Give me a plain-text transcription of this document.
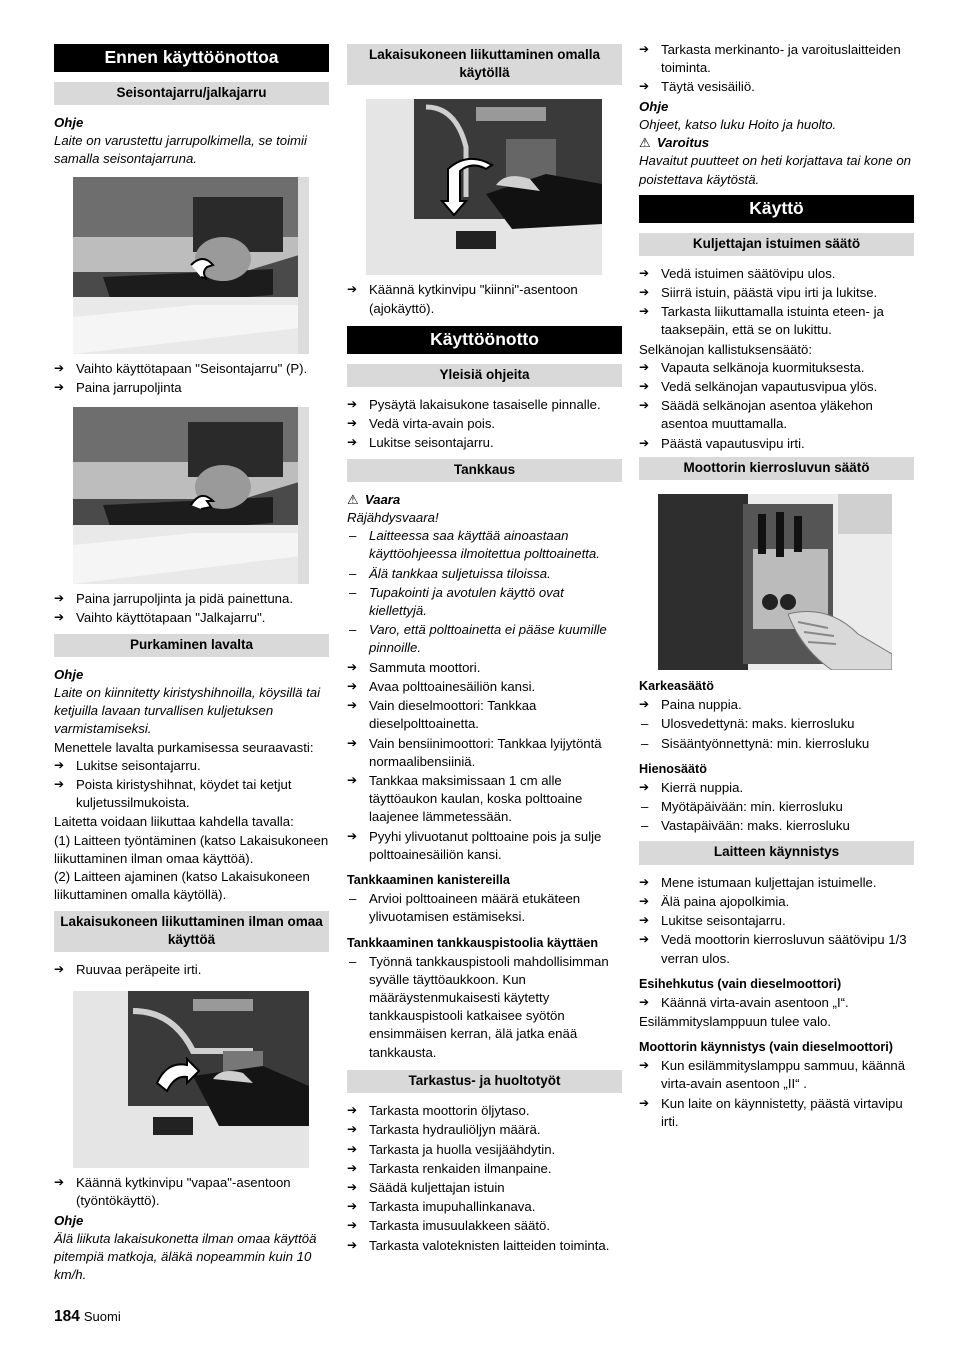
Ennen käyttöönottoa
Seisontajarru/jalkajarru

Ohje

Laite on varustettu jarrupolkimella, se toimii samalla seisontajarruna.

➔ Vaihto käyttötapaan "Seisontajarru" (P).

➔ Paina jarrupoljinta

➔ Paina jarrupoljinta ja pidä painettuna.

➔ Vaihto käyttötapaan "Jalkajarru".

Purkaminen lavalta

Ohje

Laite on kiinnitetty kiristyshihnoilla, köysillä tai ketjuilla lavaan turvallisen kuljetuksen varmistamiseksi.

Menettele lavalta purkamisessa seuraavasti:

➔ Lukitse seisontajarru.

➔ Poista kiristyshihnat, köydet tai ketjut kuljetussilmukoista.

Laitetta voidaan liikuttaa kahdella tavalla:

(1) Laitteen työntäminen (katso Lakaisukoneen liikuttaminen ilman omaa käyttöä).

(2) Laitteen ajaminen (katso Lakaisukoneen liikuttaminen omalla käytöllä).

Lakaisukoneen liikuttaminen ilman omaa käyttöä

➔ Ruuvaa peräpeite irti.

➔ Käännä kytkinvipu "vapaa"-asentoon (työntökäyttö).

Ohje

Älä liikuta lakaisukonetta ilman omaa käyttöä pitempiä matkoja, äläkä nopeammin kuin 10 km/h.

Lakaisukoneen liikuttaminen omalla käytöllä

➔ Käännä kytkinvipu "kiinni"-asentoon (ajokäyttö).

Käyttöönotto
Yleisiä ohjeita

➔ Pysäytä lakaisukone tasaiselle pinnalle.

➔ Vedä virta-avain pois.

➔ Lukitse seisontajarru.

Tankkaus

⚠ Vaara

Räjähdysvaara!

– Laitteessa saa käyttää ainoastaan käyttöohjeessa ilmoitettua polttoainetta.

– Älä tankkaa suljetuissa tiloissa.

– Tupakointi ja avotulen käyttö ovat kiellettyjä.

– Varo, että polttoainetta ei pääse kuumille pinnoille.

➔ Sammuta moottori.

➔ Avaa polttoainesäiliön kansi.

➔ Vain dieselmoottori: Tankkaa dieselpolttoainetta.

➔ Vain bensiinimoottori: Tankkaa lyijytöntä normaalibensiiniä.

➔ Tankkaa maksimissaan 1 cm alle täyttöaukon kaulan, koska polttoaine laajenee lämmetessään.

➔ Pyyhi ylivuotanut polttoaine pois ja sulje polttoainesäiliön kansi.

Tankkaaminen kanistereilla

– Arvioi polttoaineen määrä etukäteen ylivuotamisen estämiseksi.

Tankkaaminen tankkauspistoolia käyttäen

– Työnnä tankkauspistooli mahdollisimman syvälle täyttöaukkoon. Kun määräystenmukaisesti käytetty tankkauspistooli katkaisee syötön ensimmäisen kerran, älä jatka enää tankkausta.

Tarkastus- ja huoltotyöt

➔ Tarkasta moottorin öljytaso.

➔ Tarkasta hydrauliöljyn määrä.

➔ Tarkasta ja huolla vesijäähdytin.

➔ Tarkasta renkaiden ilmanpaine.

➔ Säädä kuljettajan istuin

➔ Tarkasta imupuhallinkanava.

➔ Tarkasta imusuulakkeen säätö.

➔ Tarkasta valoteknisten laitteiden toiminta.

➔ Tarkasta merkinanto- ja varoituslaitteiden toiminta.

➔ Täytä vesisäiliö.

Ohje

Ohjeet, katso luku Hoito ja huolto.

⚠ Varoitus

Havaitut puutteet on heti korjattava tai kone on poistettava käytöstä.

Käyttö
Kuljettajan istuimen säätö

➔ Vedä istuimen säätövipu ulos.

➔ Siirrä istuin, päästä vipu irti ja lukitse.

➔ Tarkasta liikuttamalla istuinta eteen- ja taaksepäin, että se on lukittu.

Selkänojan kallistuksensäätö:

➔ Vapauta selkänoja kuormituksesta.

➔ Vedä selkänojan vapautusvipua ylös.

➔ Säädä selkänojan asentoa yläkehon asentoa muuttamalla.

➔ Päästä vapautusvipu irti.

Moottorin kierrosluvun säätö

Karkeasäätö

➔ Paina nuppia.

– Ulosvedettynä: maks. kierrosluku

– Sisääntyönnettynä: min. kierrosluku

Hienosäätö

➔ Kierrä nuppia.

– Myötäpäivään: min. kierrosluku

– Vastapäivään: maks. kierrosluku

Laitteen käynnistys

➔ Mene istumaan kuljettajan istuimelle.

➔ Älä paina ajopolkimia.

➔ Lukitse seisontajarru.

➔ Vedä moottorin kierrosluvun säätövipu 1/3 verran ulos.

Esihehkutus (vain dieselmoottori)

➔ Käännä virta-avain asentoon „I“.

Esilämmityslamppuun tulee valo.

Moottorin käynnistys (vain dieselmoottori)

➔ Kun esilämmityslamppu sammuu, käännä virta-avain asentoon „II“ .

➔ Kun laite on käynnistetty, päästä virtavipu irti.

184 Suomi
